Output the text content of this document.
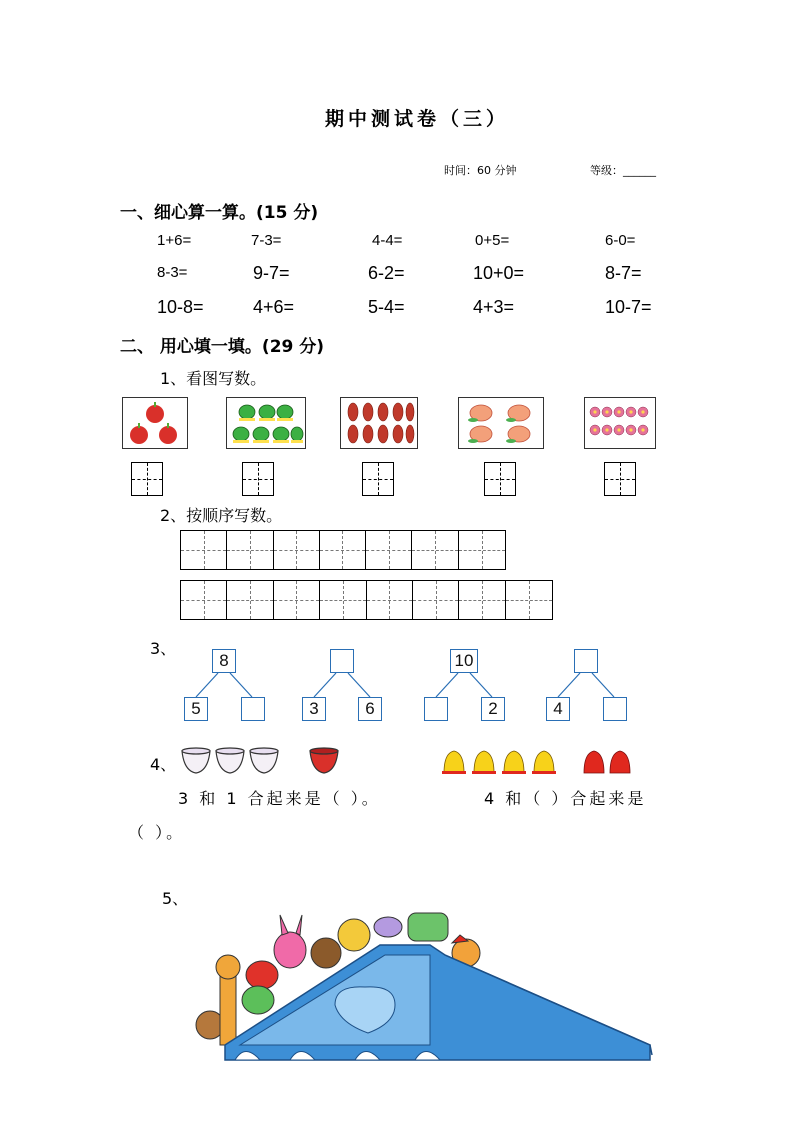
期中测试卷（三）
时间：60 分钟	等级：______
一、细心算一算。(15 分)
1+6=	7-3=	4-4=	0+5=	6-0=
8-3=	9-7=	6-2=	10+0=	8-7=
10-8=	4+6=	5-4=	4+3=	10-7=
二、 用心填一填。(29 分)
1、看图写数。
2、按顺序写数。
3、
8
5	3	6
10
2	4
4、
3 和 1 合起来是（ ）。	4 和（ ）合起来是
（ ）。
5、
